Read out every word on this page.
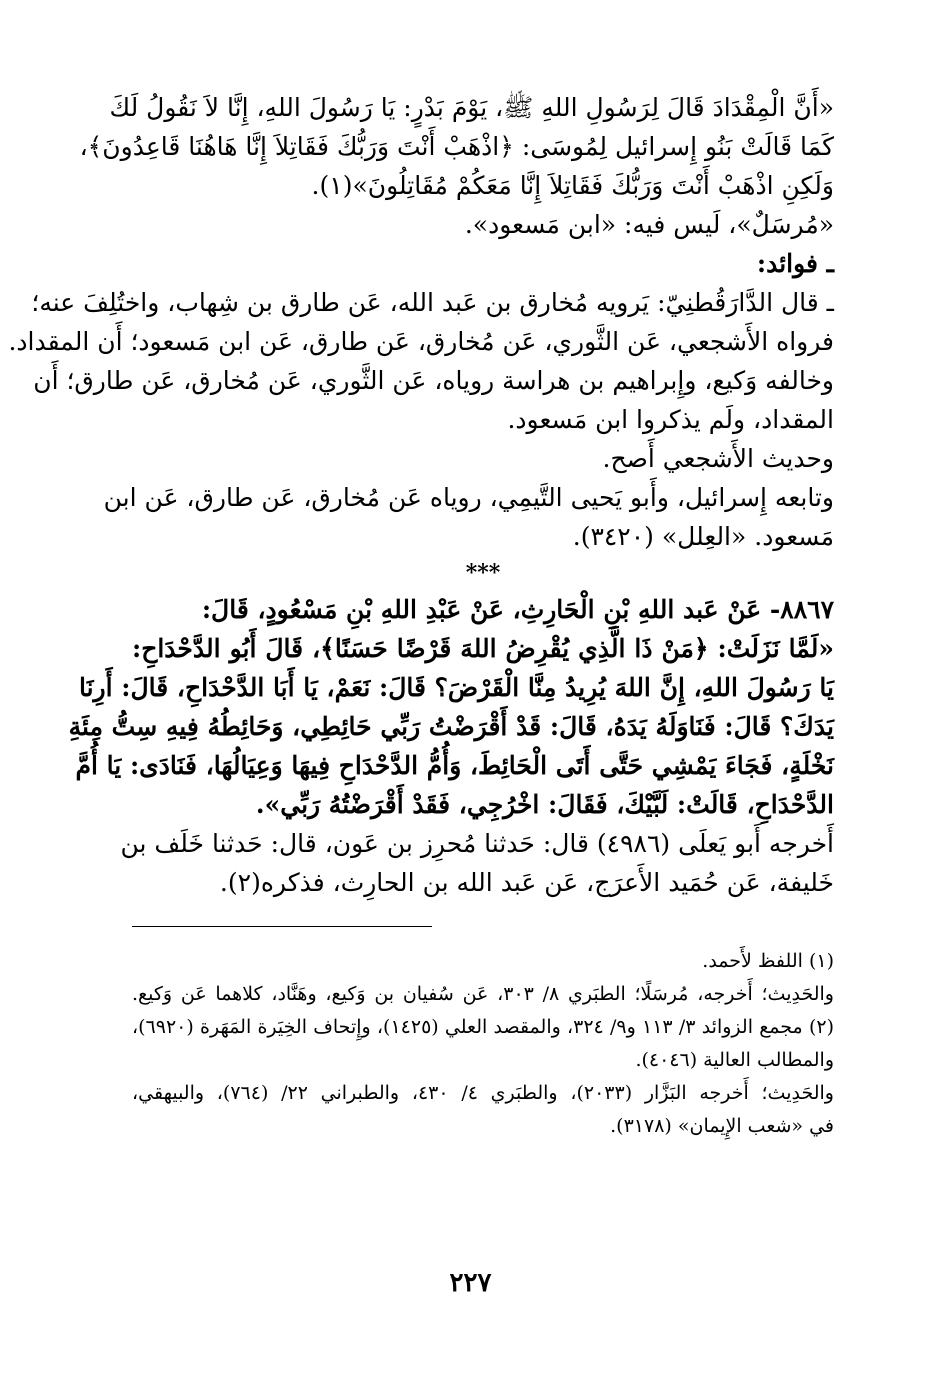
«أَنَّ الْمِقْدَادَ قَالَ لِرَسُولِ اللهِ ﷺ، يَوْمَ بَدْرٍ: يَا رَسُولَ اللهِ، إِنَّا لاَ نَقُولُ لَكَ
كَمَا قَالَتْ بَنُو إِسرائيل لِمُوسَى: ﴿اذْهَبْ أَنْتَ وَرَبُّكَ فَقَاتِلاَ إِنَّا هَاهُنَا قَاعِدُونَ﴾،
وَلَكِنِ اذْهَبْ أَنْتَ وَرَبُّكَ فَقَاتِلاَ إِنَّا مَعَكُمْ مُقَاتِلُونَ»(١).
«مُرسَلٌ»، لَيس فيه: «ابن مَسعود».
ـ فوائد:
ـ قال الدَّارَقُطنِيّ: يَرويه مُخارق بن عَبد الله، عَن طارق بن شِهاب، واختُلِفَ عنه؛
فرواه الأَشجعي، عَن الثَّوري، عَن مُخارق، عَن طارق، عَن ابن مَسعود؛ أَن المقداد.
وخالفه وَكيع، وإِبراهيم بن هراسة روياه، عَن الثَّوري، عَن مُخارق، عَن طارق؛ أَن
المقداد، ولَم يذكروا ابن مَسعود.
وحديث الأَشجعي أَصح.
وتابعه إِسرائيل، وأَبو يَحيى التَّيمِي، روياه عَن مُخارق، عَن طارق، عَن ابن
مَسعود. «العِلل» (٣٤٢٠).
***
٨٨٦٧- عَنْ عَبد اللهِ بْنِ الْحَارِثِ، عَنْ عَبْدِ اللهِ بْنِ مَسْعُودٍ، قَالَ:
«لَمَّا نَزَلَتْ: ﴿مَنْ ذَا الَّذِي يُقْرِضُ اللهَ قَرْضًا حَسَنًا﴾، قَالَ أَبُو الدَّحْدَاحِ:
يَا رَسُولَ اللهِ، إِنَّ اللهَ يُرِيدُ مِنَّا الْقَرْضَ؟ قَالَ: نَعَمْ، يَا أَبَا الدَّحْدَاحِ، قَالَ: أَرِنَا
يَدَكَ؟ قَالَ: فَنَاوَلَهُ يَدَهُ، قَالَ: قَدْ أَقْرَضْتُ رَبِّي حَائِطِي، وَحَائِطُهُ فِيهِ سِتُّ مِئَةِ
نَخْلَةٍ، فَجَاءَ يَمْشِي حَتَّى أَتَى الْحَائِطَ، وَأُمُّ الدَّحْدَاحِ فِيهَا وَعِيَالُهَا، فَنَادَى: يَا أُمَّ
الدَّحْدَاحِ، قَالَتْ: لَبَّيْكَ، فَقَالَ: اخْرُجِي، فَقَدْ أَقْرَضْتُهُ رَبِّي».
أَخرجه أَبو يَعلَى (٤٩٨٦) قال: حَدثنا مُحرِز بن عَون، قال: حَدثنا خَلَف بن
خَليفة، عَن حُمَيد الأَعرَج، عَن عَبد الله بن الحارِث، فذكره(٢).
(١) اللفظ لأَحمد.
والحَدِيث؛ أَخرجه، مُرسَلًا؛ الطبَري ٨/ ٣٠٣، عَن سُفيان بن وَكيع، وهَنَّاد، كلاهما عَن وَكيع.
(٢) مجمع الزوائد ٣/ ١١٣ و٩/ ٣٢٤، والمقصد العلي (١٤٢٥)، وإِتحاف الخِيَرة المَهَرة (٦٩٢٠)،
والمطالب العالية (٤٠٤٦).
والحَدِيث؛ أَخرجه البَزَّار (٢٠٣٣)، والطبَري ٤/ ٤٣٠، والطبراني ٢٢/ (٧٦٤)، والبيهقي،
في «شعب الإِيمان» (٣١٧٨).
٢٢٧
